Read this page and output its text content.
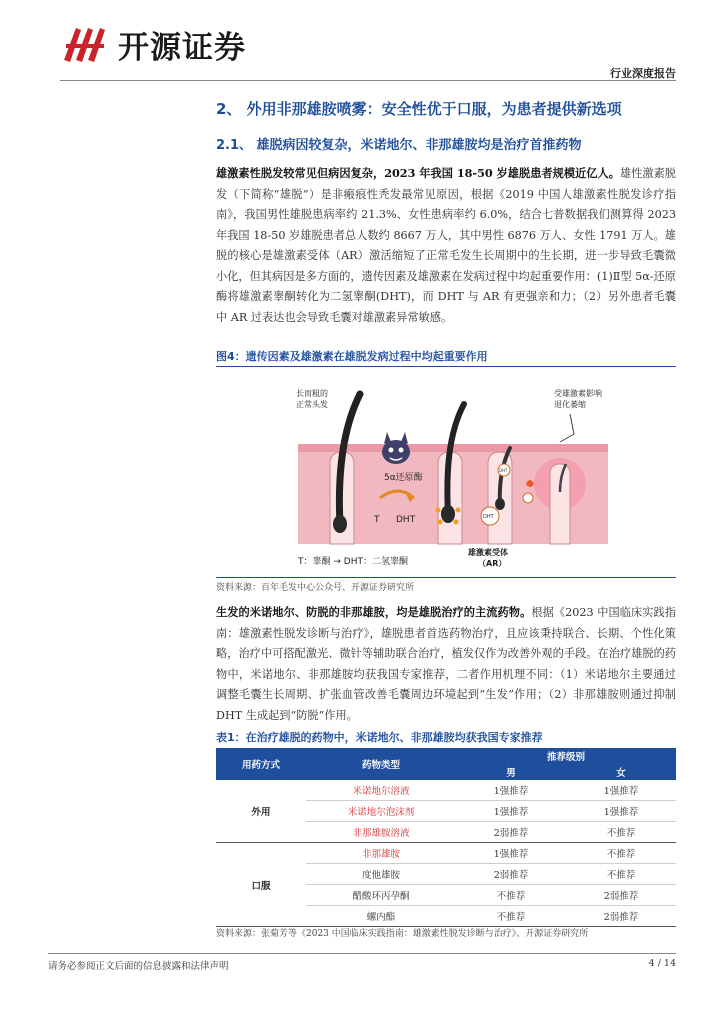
开源证券
行业深度报告
2、 外用非那雄胺喷雾：安全性优于口服，为患者提供新选项
2.1、 雄脱病因较复杂，米诺地尔、非那雄胺均是治疗首推药物
雄激素性脱发较常见但病因复杂，2023 年我国 18-50 岁雄脱患者规模近亿人。雄性激素脱发（下简称“雄脱”）是非瘢痕性秃发最常见原因，根据《2019 中国人雄激素性脱发诊疗指南》，我国男性雄脱患病率约 21.3%、女性患病率约 6.0%，结合七普数据我们测算得 2023 年我国 18-50 岁雄脱患者总人数约 8667 万人，其中男性 6876 万人、女性 1791 万人。雄脱的核心是雄激素受体（AR）激活缩短了正常毛发生长周期中的生长期，进一步导致毛囊微小化，但其病因是多方面的，遗传因素及雄激素在发病过程中均起重要作用：(1)Ⅱ型 5α-还原酶将雄激素睾酮转化为二氢睾酮(DHT)，而 DHT 与 AR 有更强亲和力；（2）另外患者毛囊中 AR 过表达也会导致毛囊对雄激素异常敏感。
图4：遗传因素及雄激素在雄脱发病过程中均起重要作用
5α还原酶
T DHT
DHT
DHT
受雄激素影响 退化萎缩
长而粗的 正常头发
T：睾酮 → DHT：二氢睾酮
雄激素受体
（AR）
资料来源：百年毛发中心公众号、开源证券研究所
生发的米诺地尔、防脱的非那雄胺，均是雄脱治疗的主流药物。根据《2023 中国临床实践指南：雄激素性脱发诊断与治疗》，雄脱患者首选药物治疗，且应该秉持联合、长期、个性化策略，治疗中可搭配激光、微针等辅助联合治疗，植发仅作为改善外观的手段。在治疗雄脱的药物中，米诺地尔、非那雄胺均获我国专家推荐，二者作用机理不同：（1）米诺地尔主要通过调整毛囊生长周期、扩张血管改善毛囊周边环境起到“生发”作用；（2）非那雄胺则通过抑制 DHT 生成起到“防脱”作用。
表1：在治疗雄脱的药物中，米诺地尔、非那雄胺均获我国专家推荐
用药方式	药物类型	推荐级别	
		男	女
外用	米诺地尔溶液	1强推荐	1强推荐
	米诺地尔泡沫剂	1强推荐	1强推荐
	非那雄胺溶液	2弱推荐	不推荐
口服	非那雄胺	1强推荐	不推荐
	度他雄胺	2弱推荐	不推荐
	醋酸环丙孕酮	不推荐	2弱推荐
	螺内酯	不推荐	2弱推荐
资料来源：张菊芳等《2023 中国临床实践指南：雄激素性脱发诊断与治疗》、开源证券研究所
请务必参阅正文后面的信息披露和法律声明	4 / 14
